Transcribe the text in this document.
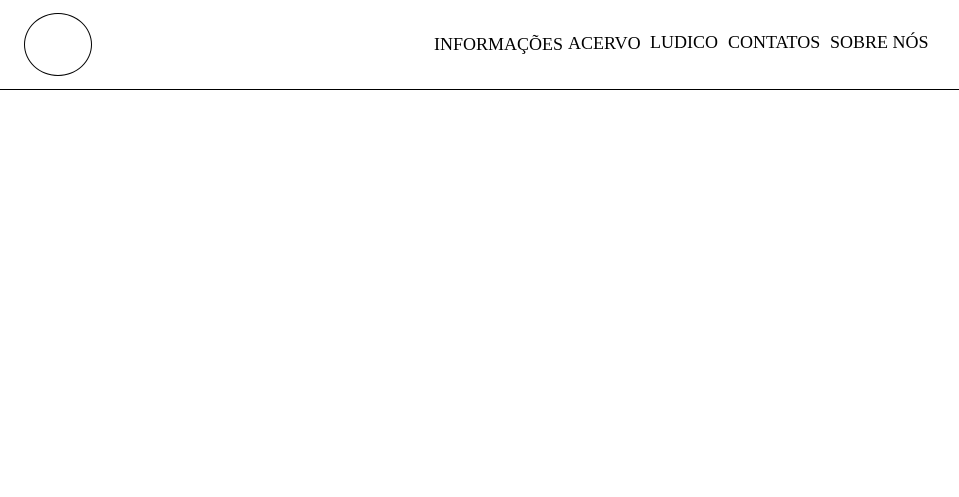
INFORMAÇÕES ACERVO LUDICO CONTATOS SOBRE NÓS
